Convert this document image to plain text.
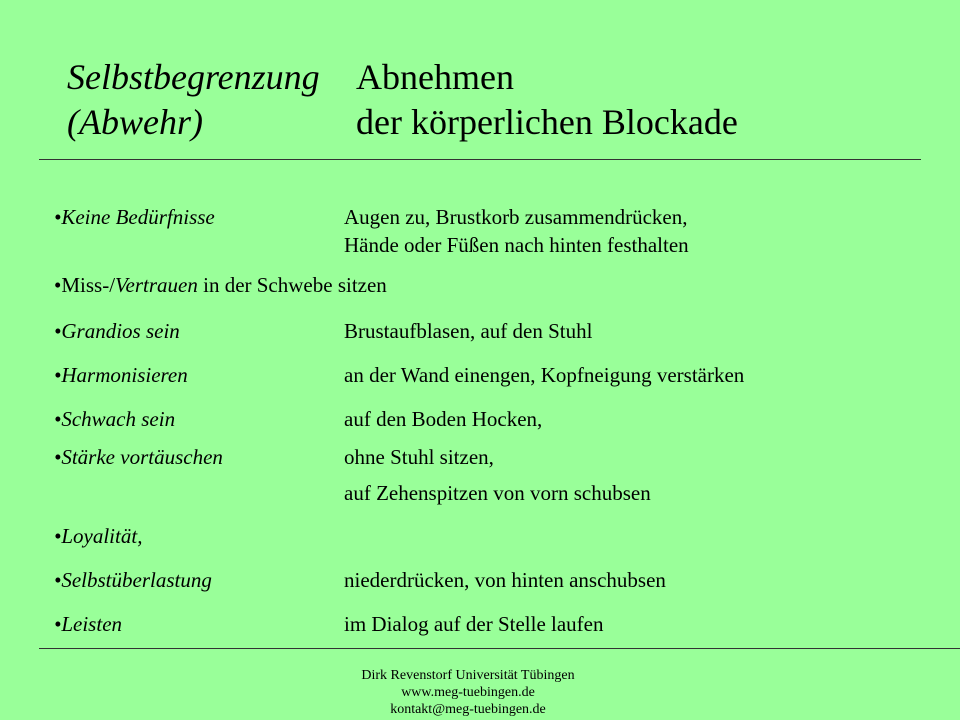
Selbstbegrenzung
(Abwehr)
Abnehmen
der körperlichen Blockade
•Keine Bedürfnisse	Augen zu, Brustkorb zusammendrücken,
Hände oder Füßen nach hinten festhalten
•Miss-/Vertrauen in der Schwebe sitzen
•Grandios sein	Brustaufblasen, auf den Stuhl
•Harmonisieren	an der Wand einengen, Kopfneigung verstärken
•Schwach sein	auf den Boden Hocken,
•Stärke vortäuschen	ohne Stuhl sitzen,
auf Zehenspitzen von vorn schubsen
•Loyalität,
•Selbstüberlastung	niederdrücken, von hinten anschubsen
•Leisten	im Dialog auf der Stelle laufen
Dirk Revenstorf Universität Tübingen
www.meg-tuebingen.de
kontakt@meg-tuebingen.de
